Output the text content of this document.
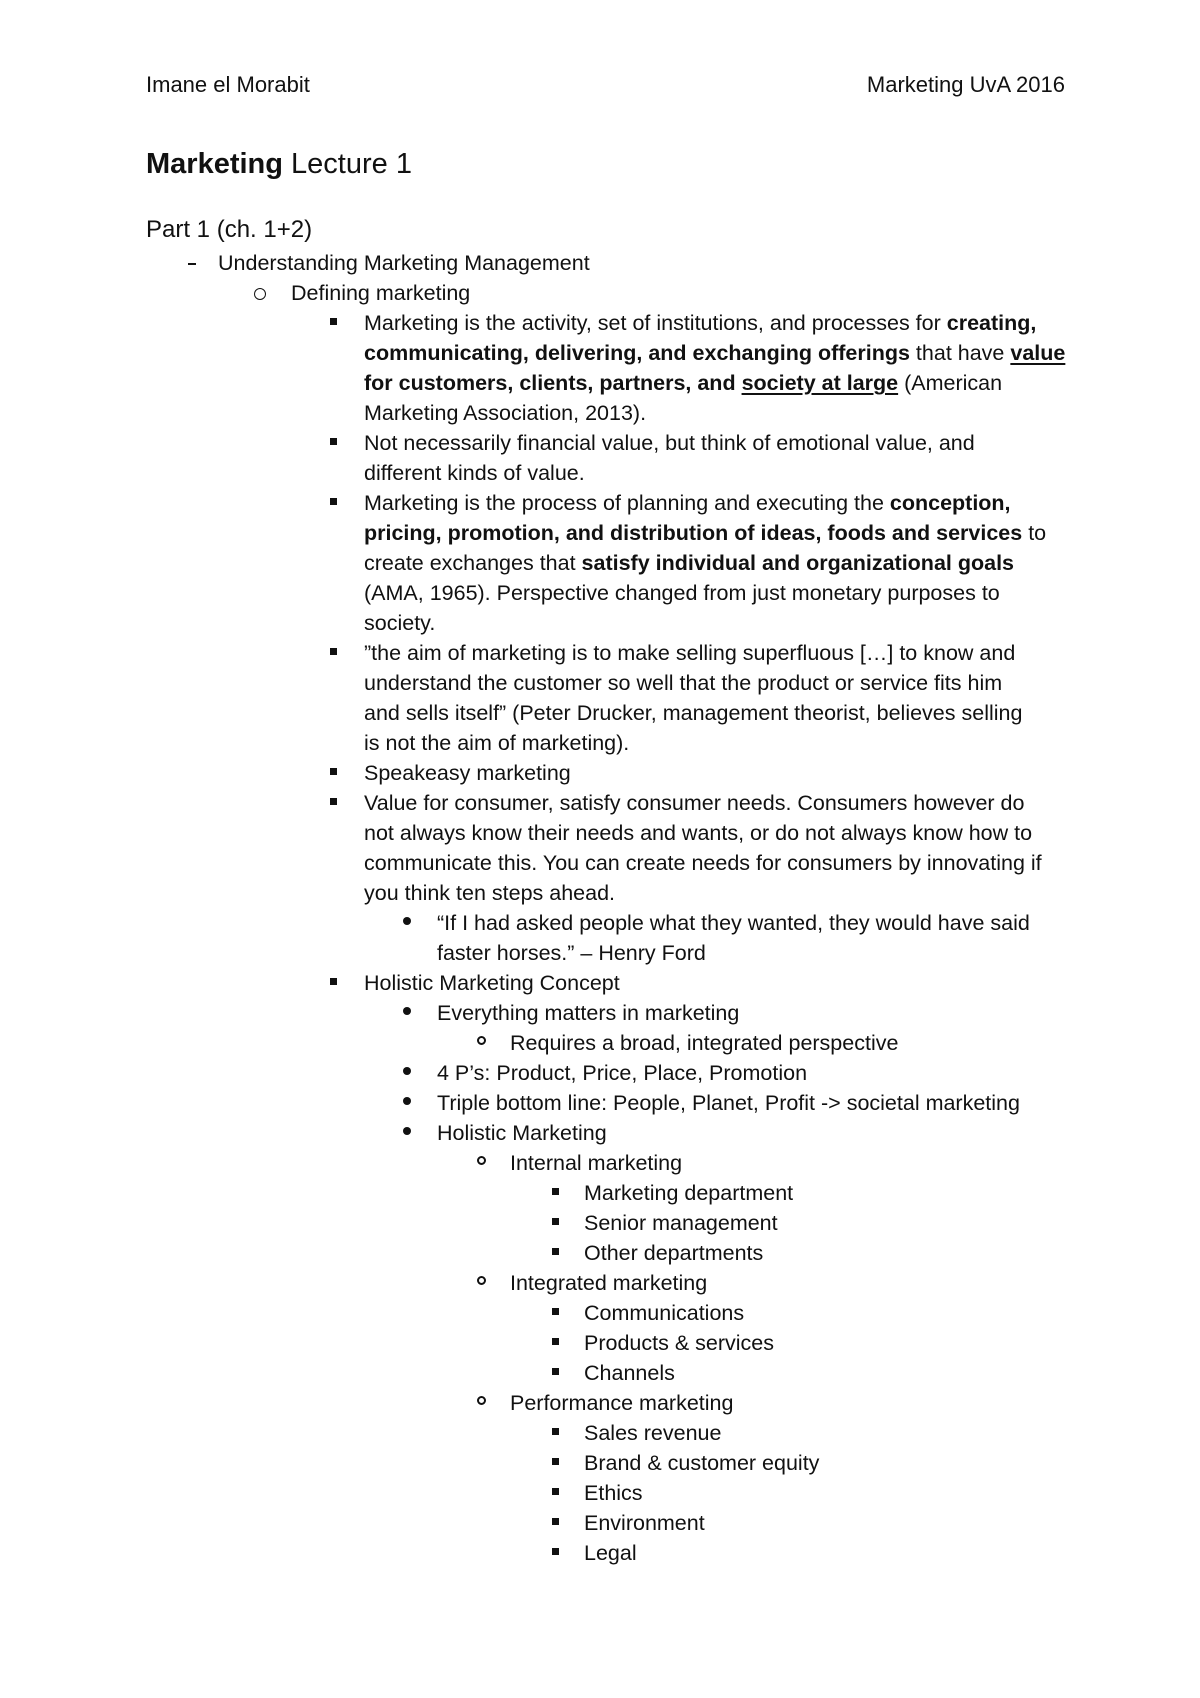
Imane el Morabit	Marketing UvA 2016
Marketing Lecture 1
Part 1 (ch. 1+2)
Understanding Marketing Management
Defining marketing
Marketing is the activity, set of institutions, and processes for creating,
communicating, delivering, and exchanging offerings that have value
for customers, clients, partners, and society at large (American
Marketing Association, 2013).
Not necessarily financial value, but think of emotional value, and
different kinds of value.
Marketing is the process of planning and executing the conception,
pricing, promotion, and distribution of ideas, foods and services to
create exchanges that satisfy individual and organizational goals
(AMA, 1965). Perspective changed from just monetary purposes to
society.
”the aim of marketing is to make selling superfluous […] to know and
understand the customer so well that the product or service fits him
and sells itself” (Peter Drucker, management theorist, believes selling
is not the aim of marketing).
Speakeasy marketing
Value for consumer, satisfy consumer needs. Consumers however do
not always know their needs and wants, or do not always know how to
communicate this. You can create needs for consumers by innovating if
you think ten steps ahead.
“If I had asked people what they wanted, they would have said
faster horses.” – Henry Ford
Holistic Marketing Concept
Everything matters in marketing
Requires a broad, integrated perspective
4 P’s: Product, Price, Place, Promotion
Triple bottom line: People, Planet, Profit -> societal marketing
Holistic Marketing
Internal marketing
Marketing department
Senior management
Other departments
Integrated marketing
Communications
Products & services
Channels
Performance marketing
Sales revenue
Brand & customer equity
Ethics
Environment
Legal
